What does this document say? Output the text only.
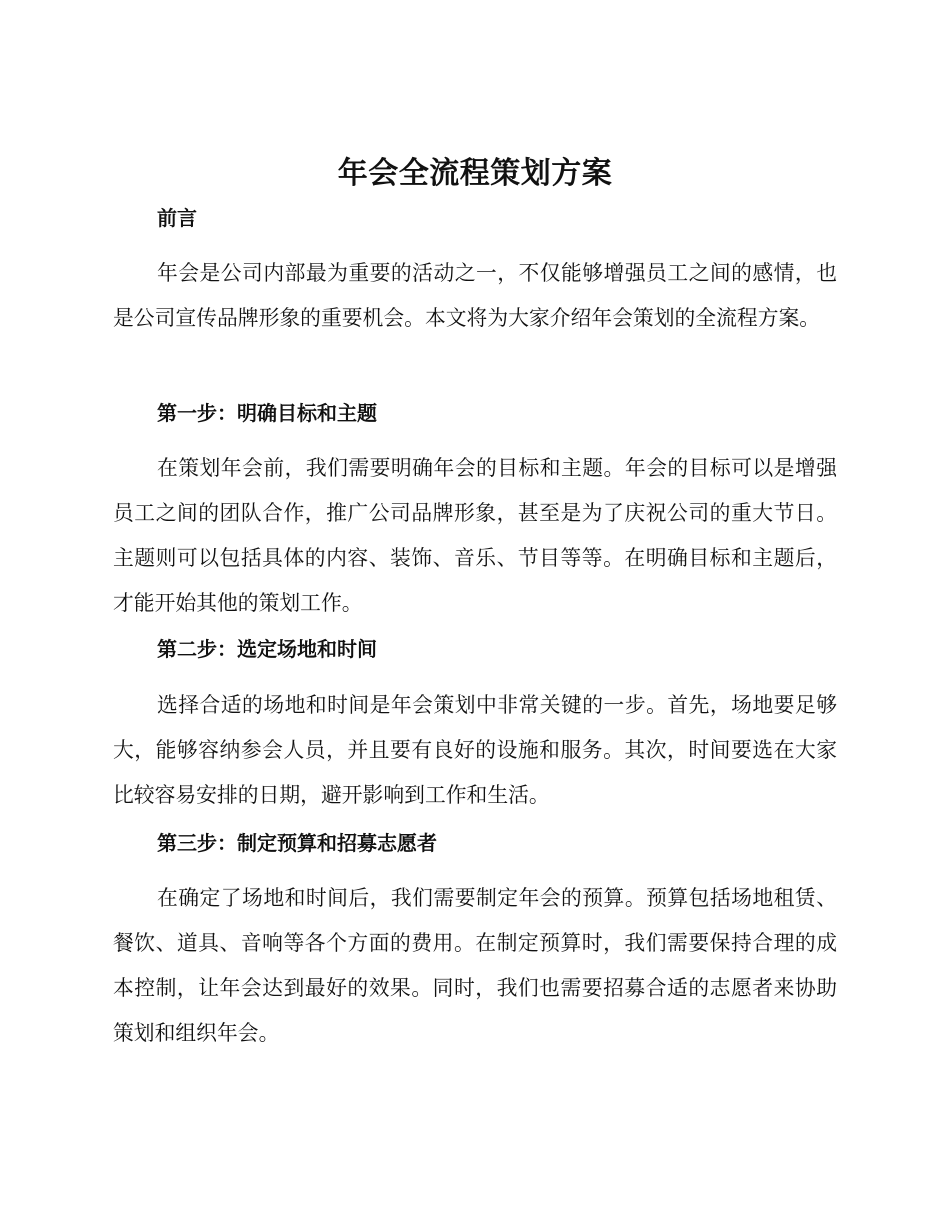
年会全流程策划方案
前言
年会是公司内部最为重要的活动之一，不仅能够增强员工之间的感情，也是公司宣传品牌形象的重要机会。本文将为大家介绍年会策划的全流程方案。
第一步：明确目标和主题
在策划年会前，我们需要明确年会的目标和主题。年会的目标可以是增强员工之间的团队合作，推广公司品牌形象，甚至是为了庆祝公司的重大节日。主题则可以包括具体的内容、装饰、音乐、节目等等。在明确目标和主题后，才能开始其他的策划工作。
第二步：选定场地和时间
选择合适的场地和时间是年会策划中非常关键的一步。首先，场地要足够大，能够容纳参会人员，并且要有良好的设施和服务。其次，时间要选在大家比较容易安排的日期，避开影响到工作和生活。
第三步：制定预算和招募志愿者
在确定了场地和时间后，我们需要制定年会的预算。预算包括场地租赁、餐饮、道具、音响等各个方面的费用。在制定预算时，我们需要保持合理的成本控制，让年会达到最好的效果。同时，我们也需要招募合适的志愿者来协助策划和组织年会。
